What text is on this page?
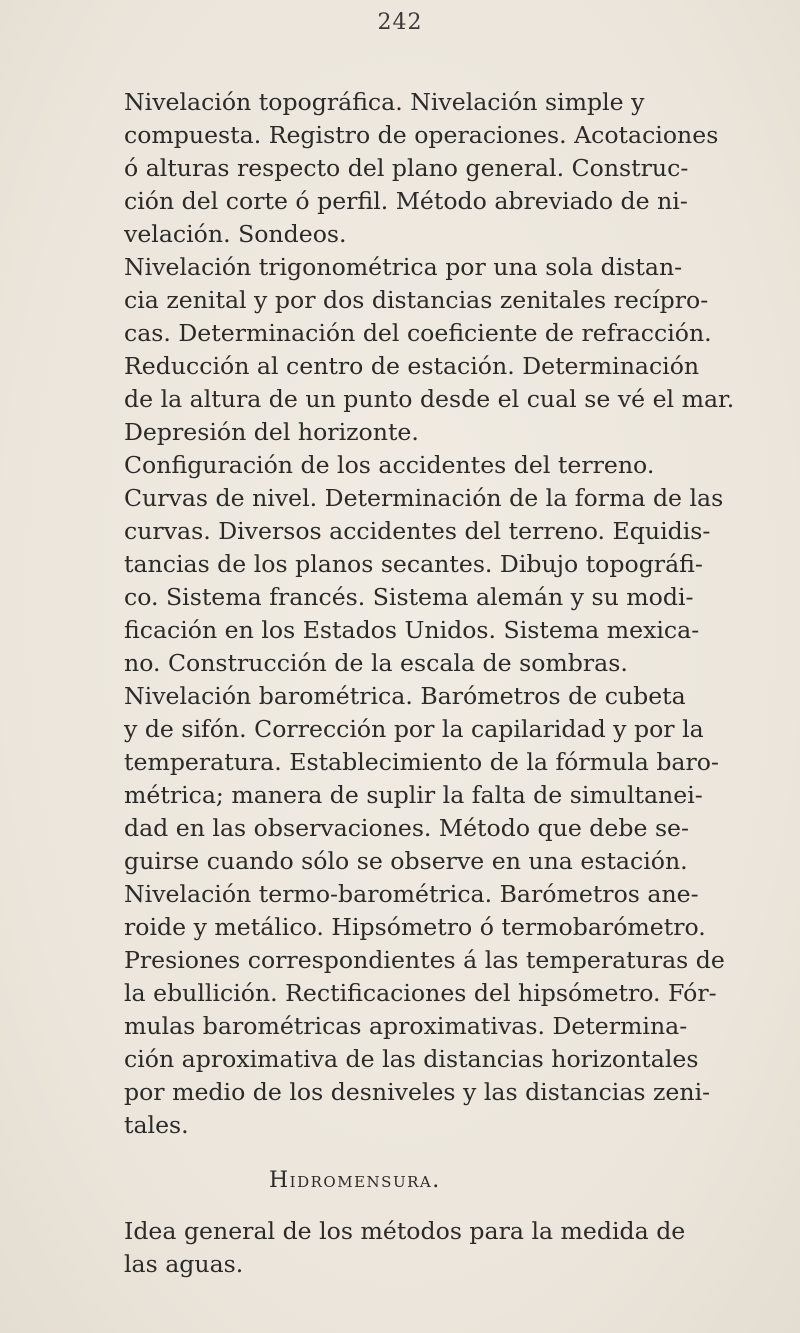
242

Nivelación topográfica. Nivelación simple y
compuesta. Registro de operaciones. Acotaciones
ó alturas respecto del plano general. Construc-
ción del corte ó perfil. Método abreviado de ni-
velación. Sondeos.

Nivelación trigonométrica por una sola distan-
cia zenital y por dos distancias zenitales recípro-
cas. Determinación del coeficiente de refracción.
Reducción al centro de estación. Determinación
de la altura de un punto desde el cual se vé el mar.
Depresión del horizonte.

Configuración de los accidentes del terreno.
Curvas de nivel. Determinación de la forma de las
curvas. Diversos accidentes del terreno. Equidis-
tancias de los planos secantes. Dibujo topográfi-
co. Sistema francés. Sistema alemán y su modi-
ficación en los Estados Unidos. Sistema mexica-
no. Construcción de la escala de sombras.

Nivelación barométrica. Barómetros de cubeta
y de sifón. Corrección por la capilaridad y por la
temperatura. Establecimiento de la fórmula baro-
métrica; manera de suplir la falta de simultanei-
dad en las observaciones. Método que debe se-
guirse cuando sólo se observe en una estación.

Nivelación termo-barométrica. Barómetros ane-
roide y metálico. Hipsómetro ó termobarómetro.
Presiones correspondientes á las temperaturas de
la ebullición. Rectificaciones del hipsómetro. Fór-
mulas barométricas aproximativas. Determina-
ción aproximativa de las distancias horizontales
por medio de los desniveles y las distancias zeni-
tales.

Hidromensura.

Idea general de los métodos para la medida de
las aguas.
